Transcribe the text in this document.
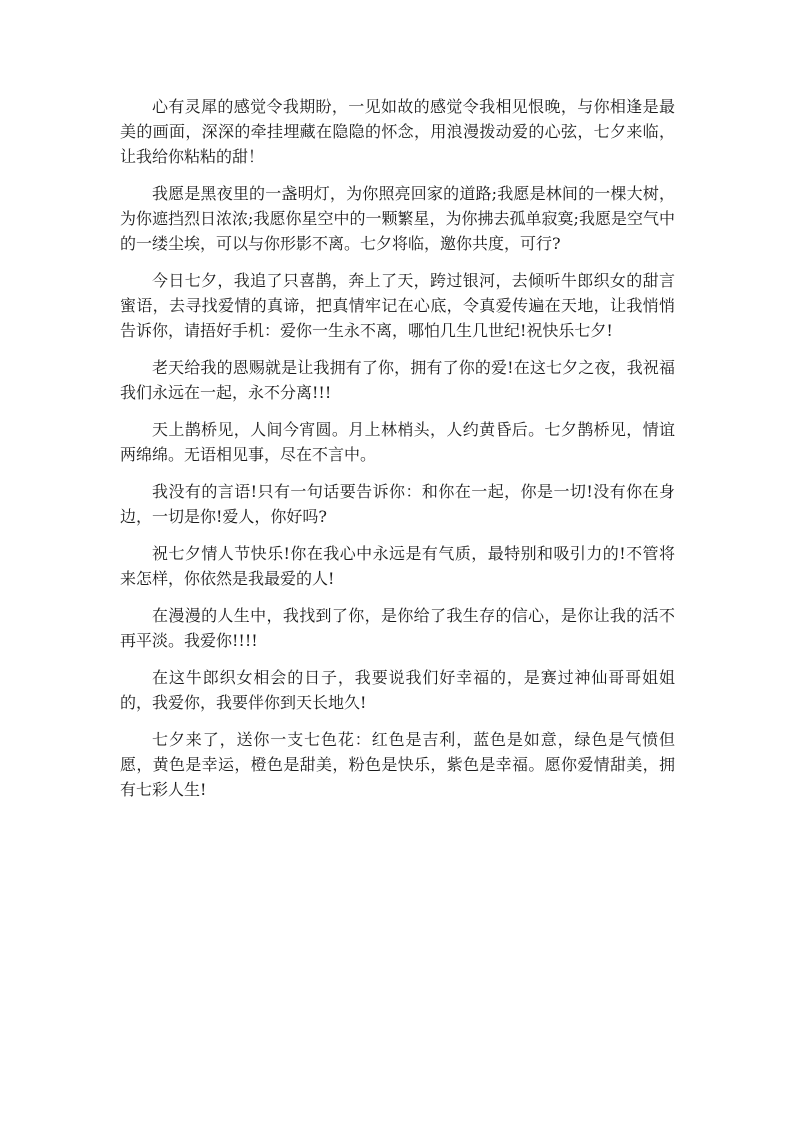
心有灵犀的感觉令我期盼，一见如故的感觉令我相见恨晚，与你相逢是最美的画面，深深的牵挂埋藏在隐隐的怀念，用浪漫拨动爱的心弦，七夕来临，让我给你粘粘的甜！

我愿是黑夜里的一盏明灯，为你照亮回家的道路;我愿是林间的一棵大树，为你遮挡烈日浓浓;我愿你星空中的一颗繁星，为你拂去孤单寂寞;我愿是空气中的一缕尘埃，可以与你形影不离。七夕将临，邀你共度，可行?

今日七夕，我追了只喜鹊，奔上了天，跨过银河，去倾听牛郎织女的甜言蜜语，去寻找爱情的真谛，把真情牢记在心底，令真爱传遍在天地，让我悄悄告诉你，请捂好手机：爱你一生永不离，哪怕几生几世纪!祝快乐七夕!

老天给我的恩赐就是让我拥有了你，拥有了你的爱!在这七夕之夜，我祝福我们永远在一起，永不分离!!!

天上鹊桥见，人间今宵圆。月上林梢头，人约黄昏后。七夕鹊桥见，情谊两绵绵。无语相见事，尽在不言中。

我没有的言语!只有一句话要告诉你：和你在一起，你是一切!没有你在身边，一切是你!爱人，你好吗?

祝七夕情人节快乐!你在我心中永远是有气质，最特别和吸引力的!不管将来怎样，你依然是我最爱的人!

在漫漫的人生中，我找到了你，是你给了我生存的信心，是你让我的活不再平淡。我爱你!!!!

在这牛郎织女相会的日子，我要说我们好幸福的，是赛过神仙哥哥姐姐的，我爱你，我要伴你到天长地久!

七夕来了，送你一支七色花：红色是吉利，蓝色是如意，绿色是气愤但愿，黄色是幸运，橙色是甜美，粉色是快乐，紫色是幸福。愿你爱情甜美，拥有七彩人生!
